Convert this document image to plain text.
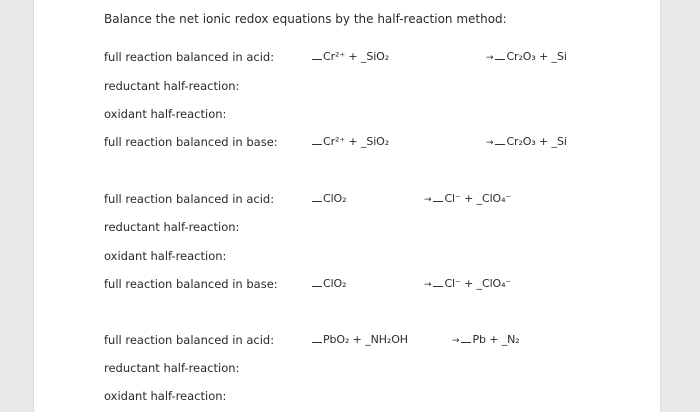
Balance the net ionic redox equations by the half-reaction method:
full reaction balanced in acid:	Cr²⁺ + _SiO₂	→ Cr₂O₃ + _Si
reductant half-reaction:
oxidant half-reaction:
full reaction balanced in base:	Cr²⁺ + _SiO₂	→ Cr₂O₃ + _Si
full reaction balanced in acid:	ClO₂	→ Cl⁻ + _ClO₄⁻
reductant half-reaction:
oxidant half-reaction:
full reaction balanced in base:	ClO₂	→ Cl⁻ + _ClO₄⁻
full reaction balanced in acid:	PbO₂ + _NH₂OH	→ Pb + _N₂
reductant half-reaction:
oxidant half-reaction:
